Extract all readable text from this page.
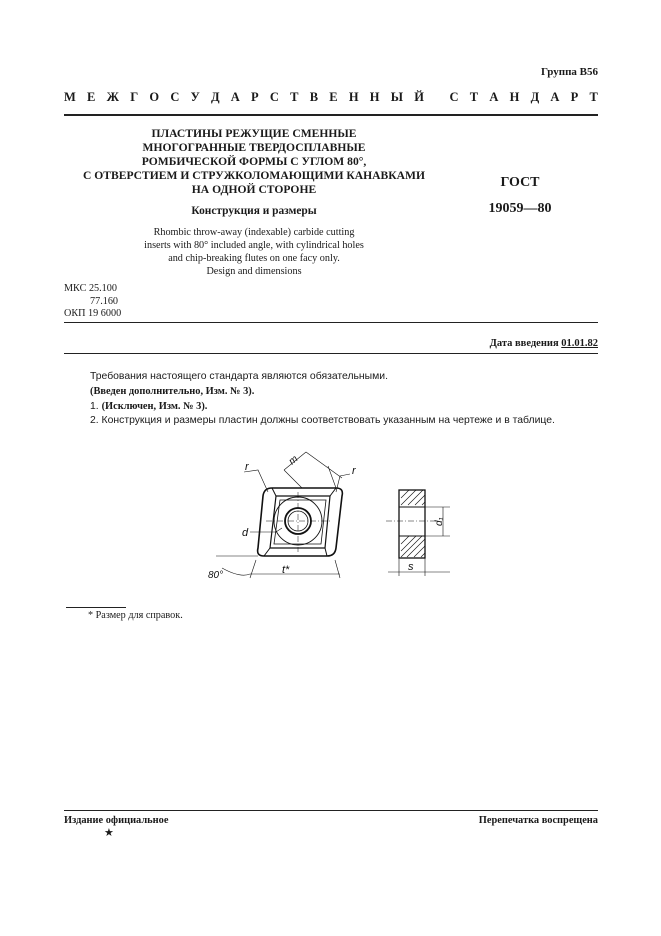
Группа В56
М Е Ж Г О С У Д А Р С Т В Е Н Н Ы Й
С Т А Н Д А Р Т
ПЛАСТИНЫ РЕЖУЩИЕ СМЕННЫЕ
МНОГОГРАННЫЕ ТВЕРДОСПЛАВНЫЕ
РОМБИЧЕСКОЙ ФОРМЫ С УГЛОМ 80°,
С ОТВЕРСТИЕМ И СТРУЖКОЛОМАЮЩИМИ КАНАВКАМИ
НА ОДНОЙ СТОРОНЕ
Конструкция и размеры
Rhombic throw-away (indexable) carbide cutting
inserts with 80° included angle, with cylindrical holes
and chip-breaking flutes on one facy only.
Design and dimensions
ГОСТ
19059—80
МКС 25.100
77.160
ОКП 19 6000
Дата введения 01.01.82

Требования настоящего стандарта являются обязательными.

(Введен дополнительно, Изм. № 3).

1. (Исключен, Изм. № 3).

2. Конструкция и размеры пластин должны соответствовать указанным на чертеже и в таблице.

r	r
m
d
80°	t*
d₁
s
* Размер для справок.
Издание официальное
★
Перепечатка воспрещена
